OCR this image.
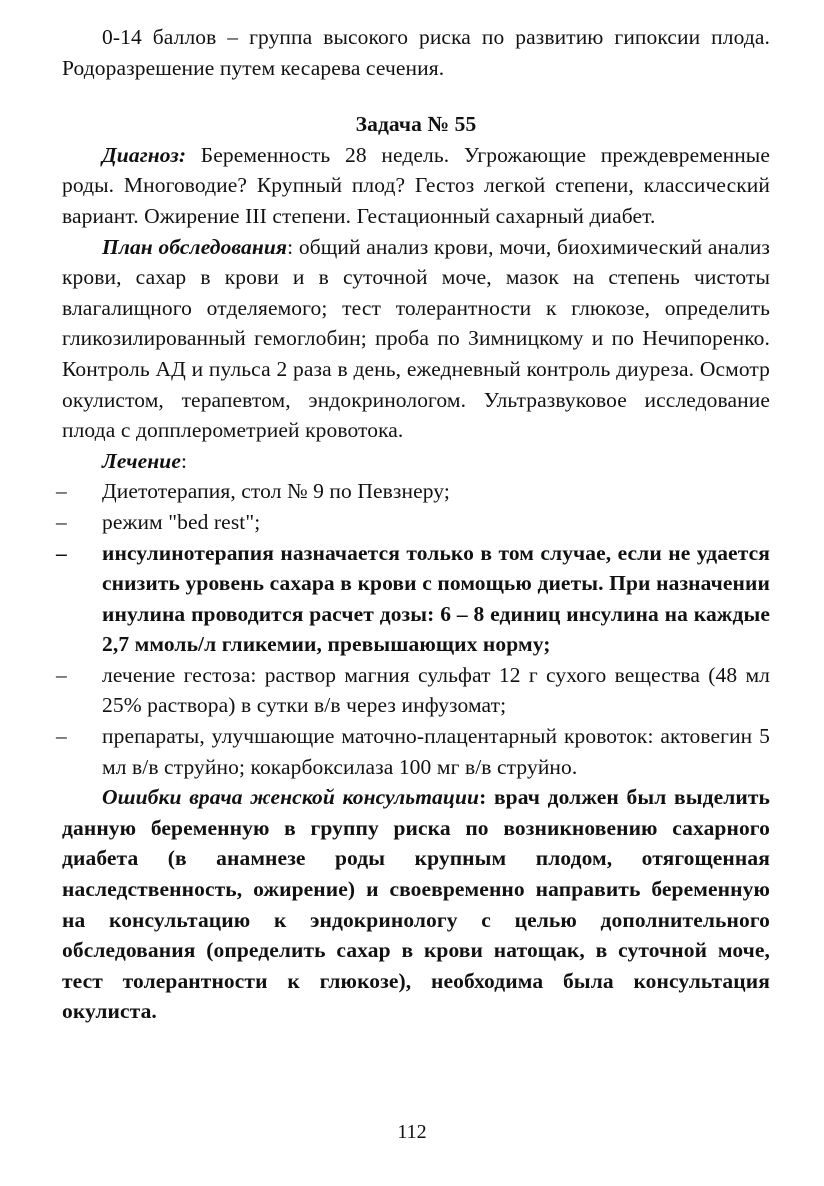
0-14 баллов – группа высокого риска по развитию гипоксии плода. Родоразрешение путем кесарева сечения.

Задача № 55

Диагноз: Беременность 28 недель. Угрожающие преждевременные роды. Многоводие? Крупный плод? Гестоз легкой степени, классический вариант. Ожирение III степени. Гестационный сахарный диабет.

План обследования: общий анализ крови, мочи, биохимический анализ крови, сахар в крови и в суточной моче, мазок на степень чистоты влагалищного отделяемого; тест толерантности к глюкозе, определить гликозилированный гемоглобин; проба по Зимницкому и по Нечипоренко. Контроль АД и пульса 2 раза в день, ежедневный контроль диуреза. Осмотр окулистом, терапевтом, эндокринологом. Ультразвуковое исследование плода с допплерометрией кровотока.

Лечение:

– Диетотерапия, стол № 9 по Певзнеру;
– режим "bed rest";
– инсулинотерапия назначается только в том случае, если не удается снизить уровень сахара в крови с помощью диеты. При назначении инулина проводится расчет дозы: 6 – 8 единиц инсулина на каждые 2,7 ммоль/л гликемии, превышающих норму;
– лечение гестоза: раствор магния сульфат 12 г сухого вещества (48 мл 25% раствора) в сутки в/в через инфузомат;
– препараты, улучшающие маточно-плацентарный кровоток: актовегин 5 мл в/в струйно; кокарбоксилаза 100 мг в/в струйно.

Ошибки врача женской консультации: врач должен был выделить данную беременную в группу риска по возникновению сахарного диабета (в анамнезе роды крупным плодом, отягощенная наследственность, ожирение) и своевременно направить беременную на консультацию к эндокринологу с целью дополнительного обследования (определить сахар в крови натощак, в суточной моче, тест толерантности к глюкозе), необходима была консультация окулиста.

112
